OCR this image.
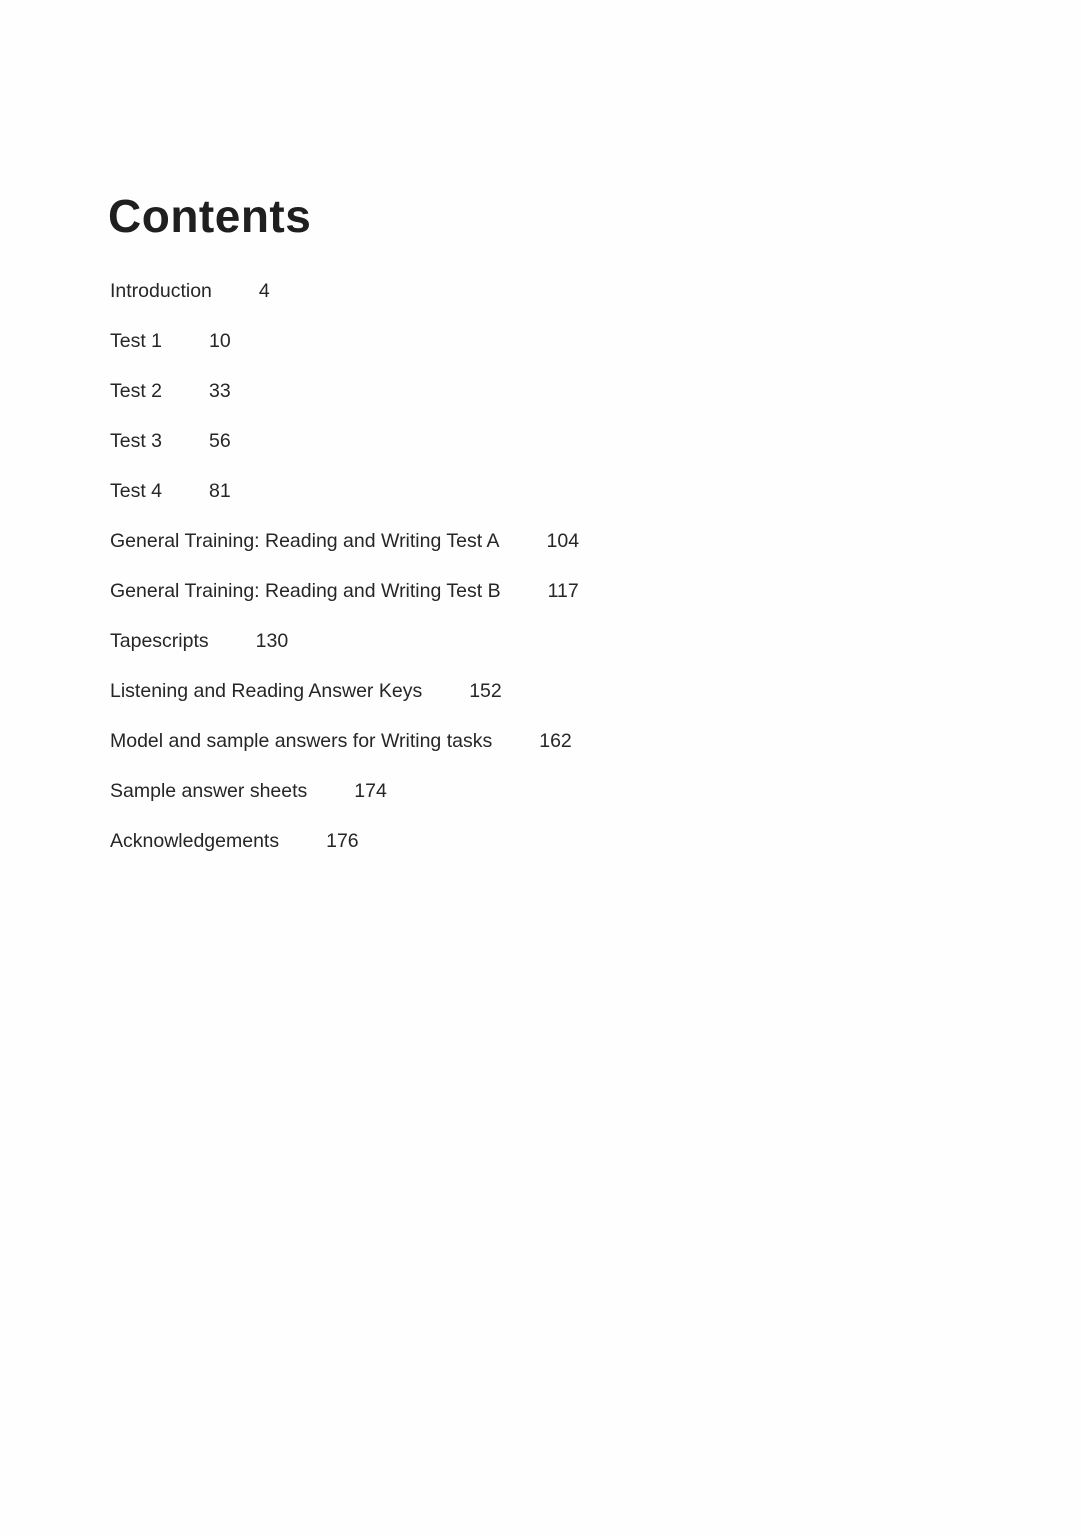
Contents
Introduction 4
Test 1 10
Test 2 33
Test 3 56
Test 4 81
General Training: Reading and Writing Test A 104
General Training: Reading and Writing Test B 117
Tapescripts 130
Listening and Reading Answer Keys 152
Model and sample answers for Writing tasks 162
Sample answer sheets 174
Acknowledgements 176
